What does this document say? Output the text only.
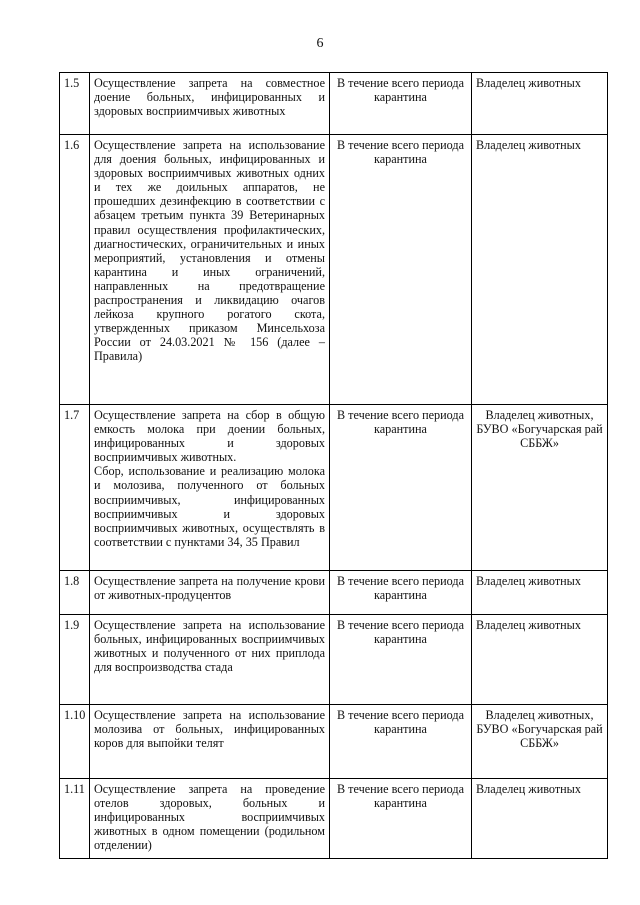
6
1.5	Осуществление запрета на совместное доение больных, инфицированных и здоровых восприимчивых животных	В течение всего периода карантина	Владелец животных
1.6	Осуществление запрета на использование для доения больных, инфицированных и здоровых восприимчивых животных одних и тех же доильных аппаратов, не прошедших дезинфекцию в соответствии с абзацем третьим пункта 39 Ветеринарных правил осуществления профилактических, диагностических, ограничительных и иных мероприятий, установления и отмены карантина и иных ограничений, направленных на предотвращение распространения и ликвидацию очагов лейкоза крупного рогатого скота, утвержденных приказом Минсельхоза России от 24.03.2021 № 156 (далее – Правила)	В течение всего периода карантина	Владелец животных
1.7	Осуществление запрета на сбор в общую емкость молока при доении больных, инфицированных и здоровых восприимчивых животных.
Сбор, использование и реализацию молока и молозива, полученного от больных восприимчивых, инфицированных восприимчивых и здоровых восприимчивых животных, осуществлять в соответствии с пунктами 34, 35 Правил	В течение всего периода карантина	Владелец животных, БУВО «Богучарская рай СББЖ»
1.8	Осуществление запрета на получение крови от животных-продуцентов	В течение всего периода карантина	Владелец животных
1.9	Осуществление запрета на использование больных, инфицированных восприимчивых животных и полученного от них приплода для воспроизводства стада	В течение всего периода карантина	Владелец животных
1.10	Осуществление запрета на использование молозива от больных, инфицированных коров для выпойки телят	В течение всего периода карантина	Владелец животных, БУВО «Богучарская рай СББЖ»
1.11	Осуществление запрета на проведение отелов здоровых, больных и инфицированных восприимчивых животных в одном помещении (родильном отделении)	В течение всего периода карантина	Владелец животных
